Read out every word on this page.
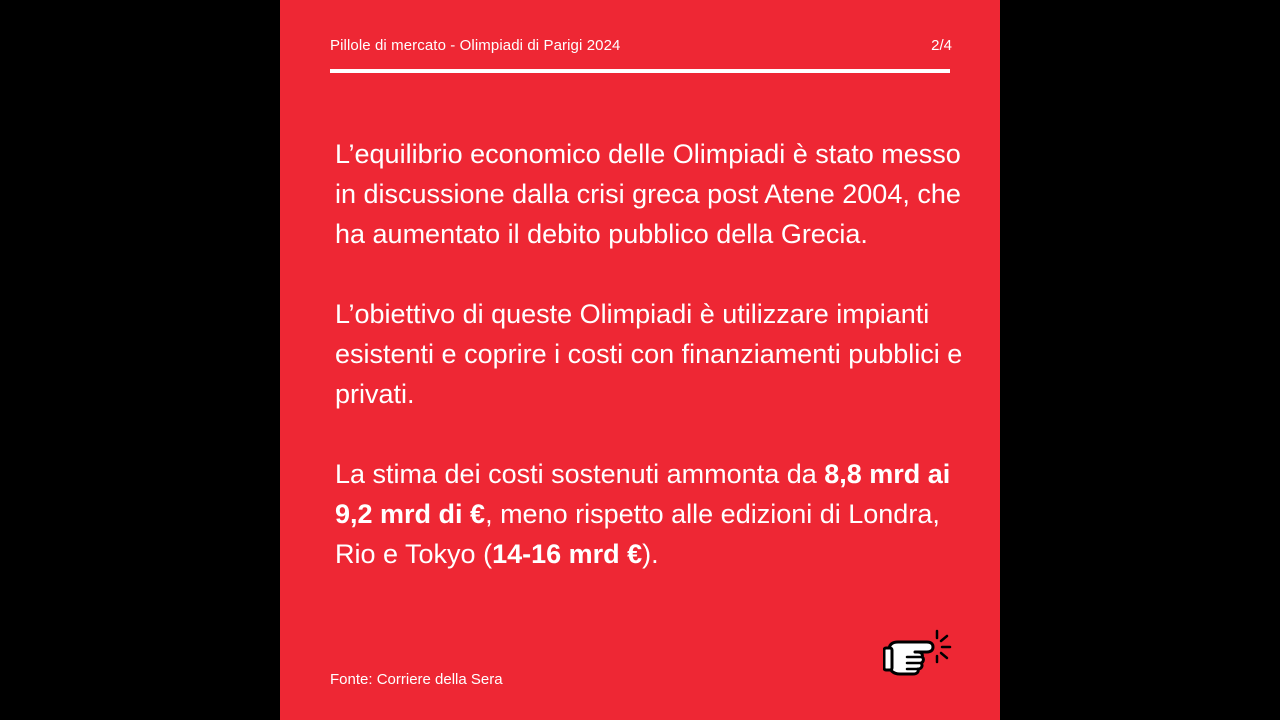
Pillole di mercato - Olimpiadi di Parigi 2024	2/4

L’equilibrio economico delle Olimpiadi è stato messo in discussione dalla crisi greca post Atene 2004, che ha aumentato il debito pubblico della Grecia.

L’obiettivo di queste Olimpiadi è utilizzare impianti esistenti e coprire i costi con finanziamenti pubblici e privati.

La stima dei costi sostenuti ammonta da 8,8 mrd ai 9,2 mrd di €, meno rispetto alle edizioni di Londra, Rio e Tokyo (14-16 mrd €).

Fonte: Corriere della Sera
